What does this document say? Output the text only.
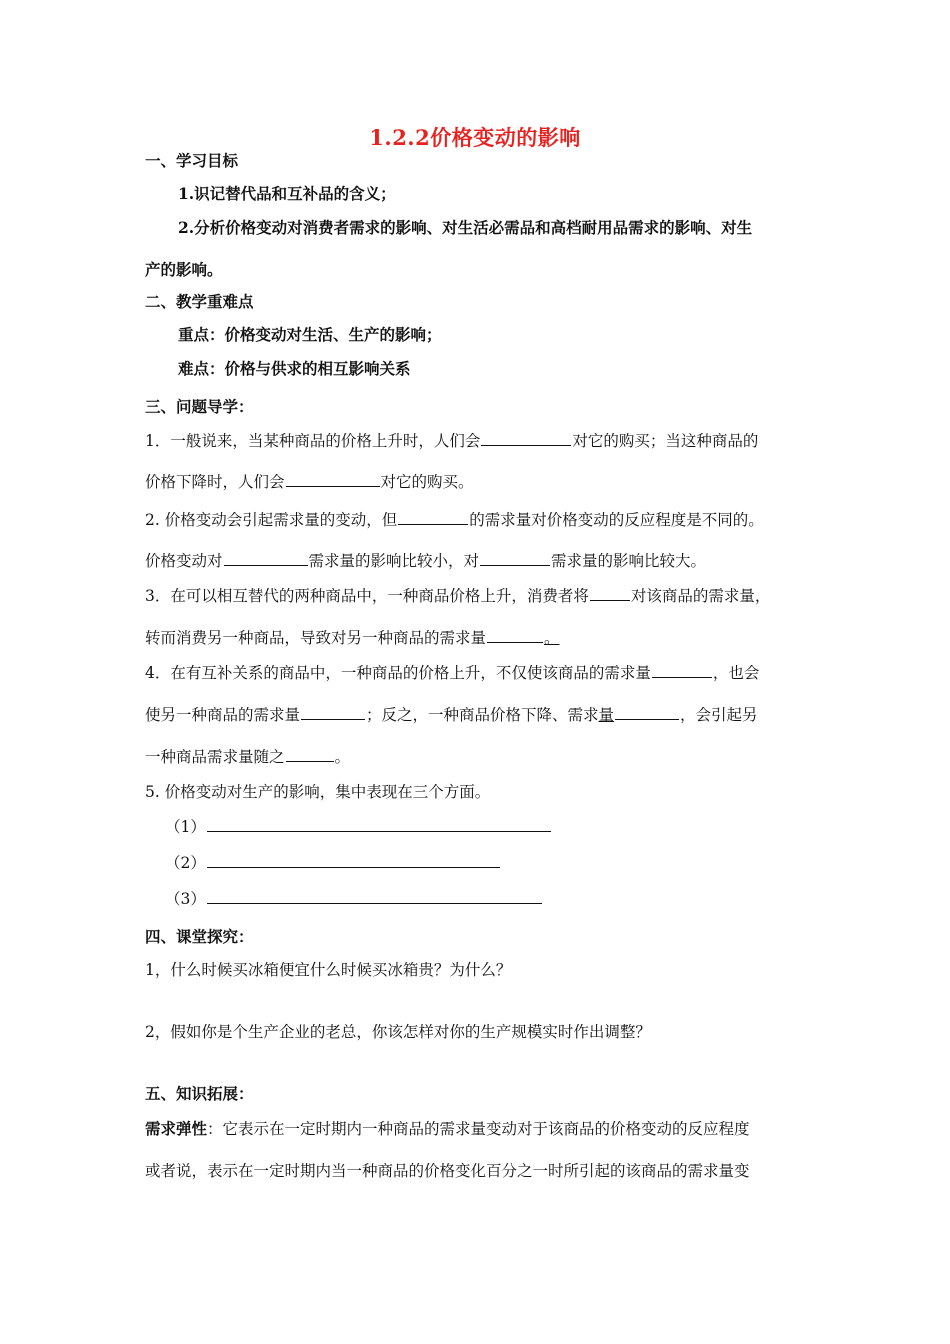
1.2.2价格变动的影响
一、学习目标
1.识记替代品和互补品的含义；
2.分析价格变动对消费者需求的影响、对生活必需品和高档耐用品需求的影响、对生
产的影响。
二、教学重难点
重点：价格变动对生活、生产的影响；
难点：价格与供求的相互影响关系
三、问题导学：
1．一般说来，当某种商品的价格上升时，人们会	对它的购买；当这种商品的
价格下降时，人们会	对它的购买。
2. 价格变动会引起需求量的变动，但	的需求量对价格变动的反应程度是不同的。
价格变动对	需求量的影响比较小，对	需求量的影响比较大。
3．在可以相互替代的两种商品中，一种商品价格上升，消费者将	对该商品的需求量，
转而消费另一种商品，导致对另一种商品的需求量	。
4．在有互补关系的商品中，一种商品的价格上升，不仅使该商品的需求量	，也会
使另一种商品的需求量	；反之，一种商品价格下降、需求量	，会引起另
一种商品需求量随之	。
5. 价格变动对生产的影响，集中表现在三个方面。
（1）
（2）
（3）
四、课堂探究：
1，什么时候买冰箱便宜什么时候买冰箱贵？为什么？
2，假如你是个生产企业的老总，你该怎样对你的生产规模实时作出调整？
五、知识拓展：
需求弹性：它表示在一定时期内一种商品的需求量变动对于该商品的价格变动的反应程度
或者说，表示在一定时期内当一种商品的价格变化百分之一时所引起的该商品的需求量变
